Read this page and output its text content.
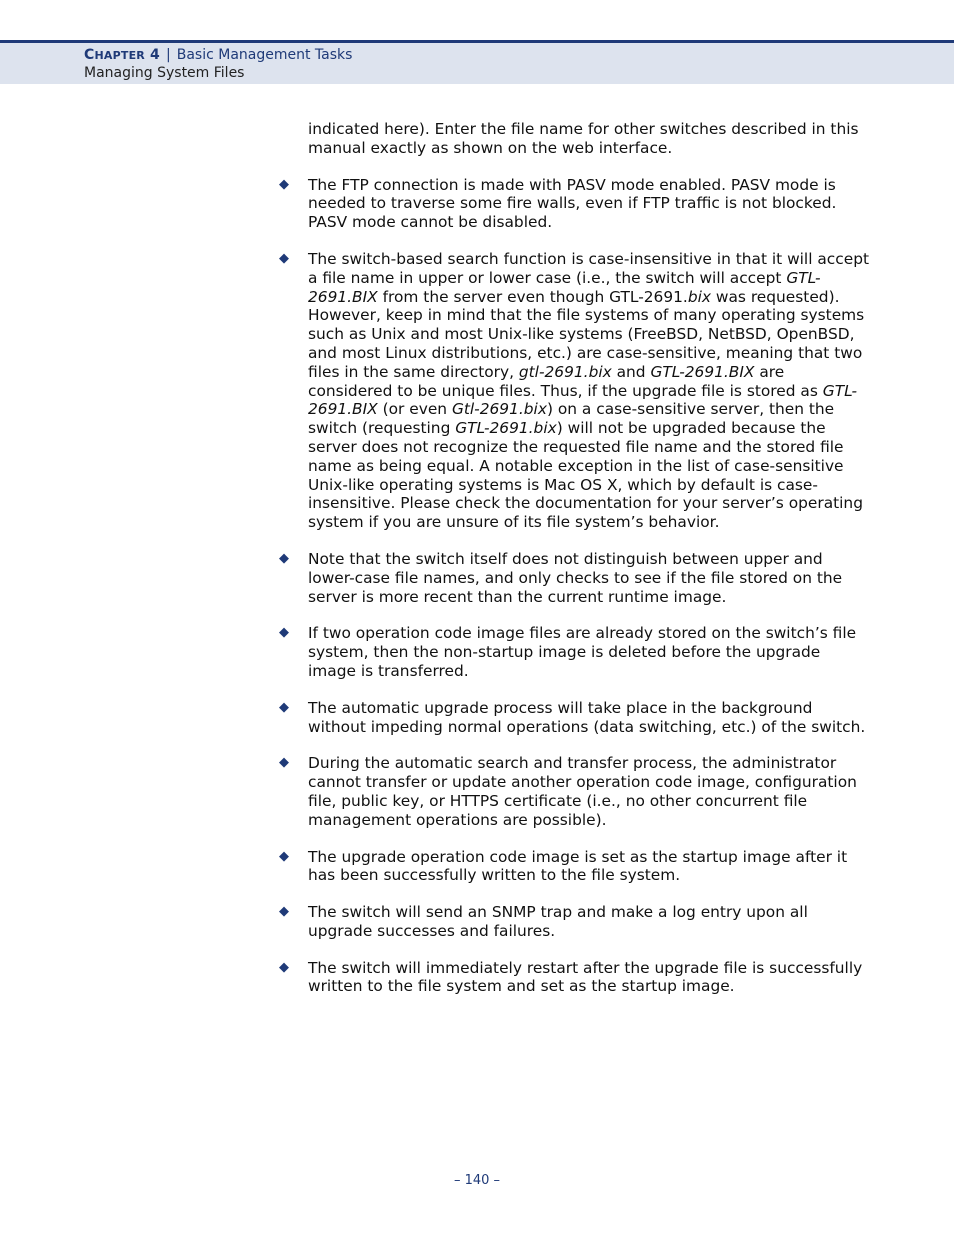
CHAPTER 4 | Basic Management Tasks
Managing System Files

indicated here). Enter the file name for other switches described in this manual exactly as shown on the web interface.

◆ The FTP connection is made with PASV mode enabled. PASV mode is needed to traverse some fire walls, even if FTP traffic is not blocked. PASV mode cannot be disabled.

◆ The switch-based search function is case-insensitive in that it will accept a file name in upper or lower case (i.e., the switch will accept GTL-2691.BIX from the server even though GTL-2691.bix was requested). However, keep in mind that the file systems of many operating systems such as Unix and most Unix-like systems (FreeBSD, NetBSD, OpenBSD, and most Linux distributions, etc.) are case-sensitive, meaning that two files in the same directory, gtl-2691.bix and GTL-2691.BIX are considered to be unique files. Thus, if the upgrade file is stored as GTL-2691.BIX (or even Gtl-2691.bix) on a case-sensitive server, then the switch (requesting GTL-2691.bix) will not be upgraded because the server does not recognize the requested file name and the stored file name as being equal. A notable exception in the list of case-sensitive Unix-like operating systems is Mac OS X, which by default is case-insensitive. Please check the documentation for your server’s operating system if you are unsure of its file system’s behavior.

◆ Note that the switch itself does not distinguish between upper and lower-case file names, and only checks to see if the file stored on the server is more recent than the current runtime image.

◆ If two operation code image files are already stored on the switch’s file system, then the non-startup image is deleted before the upgrade image is transferred.

◆ The automatic upgrade process will take place in the background without impeding normal operations (data switching, etc.) of the switch.

◆ During the automatic search and transfer process, the administrator cannot transfer or update another operation code image, configuration file, public key, or HTTPS certificate (i.e., no other concurrent file management operations are possible).

◆ The upgrade operation code image is set as the startup image after it has been successfully written to the file system.

◆ The switch will send an SNMP trap and make a log entry upon all upgrade successes and failures.

◆ The switch will immediately restart after the upgrade file is successfully written to the file system and set as the startup image.

– 140 –
